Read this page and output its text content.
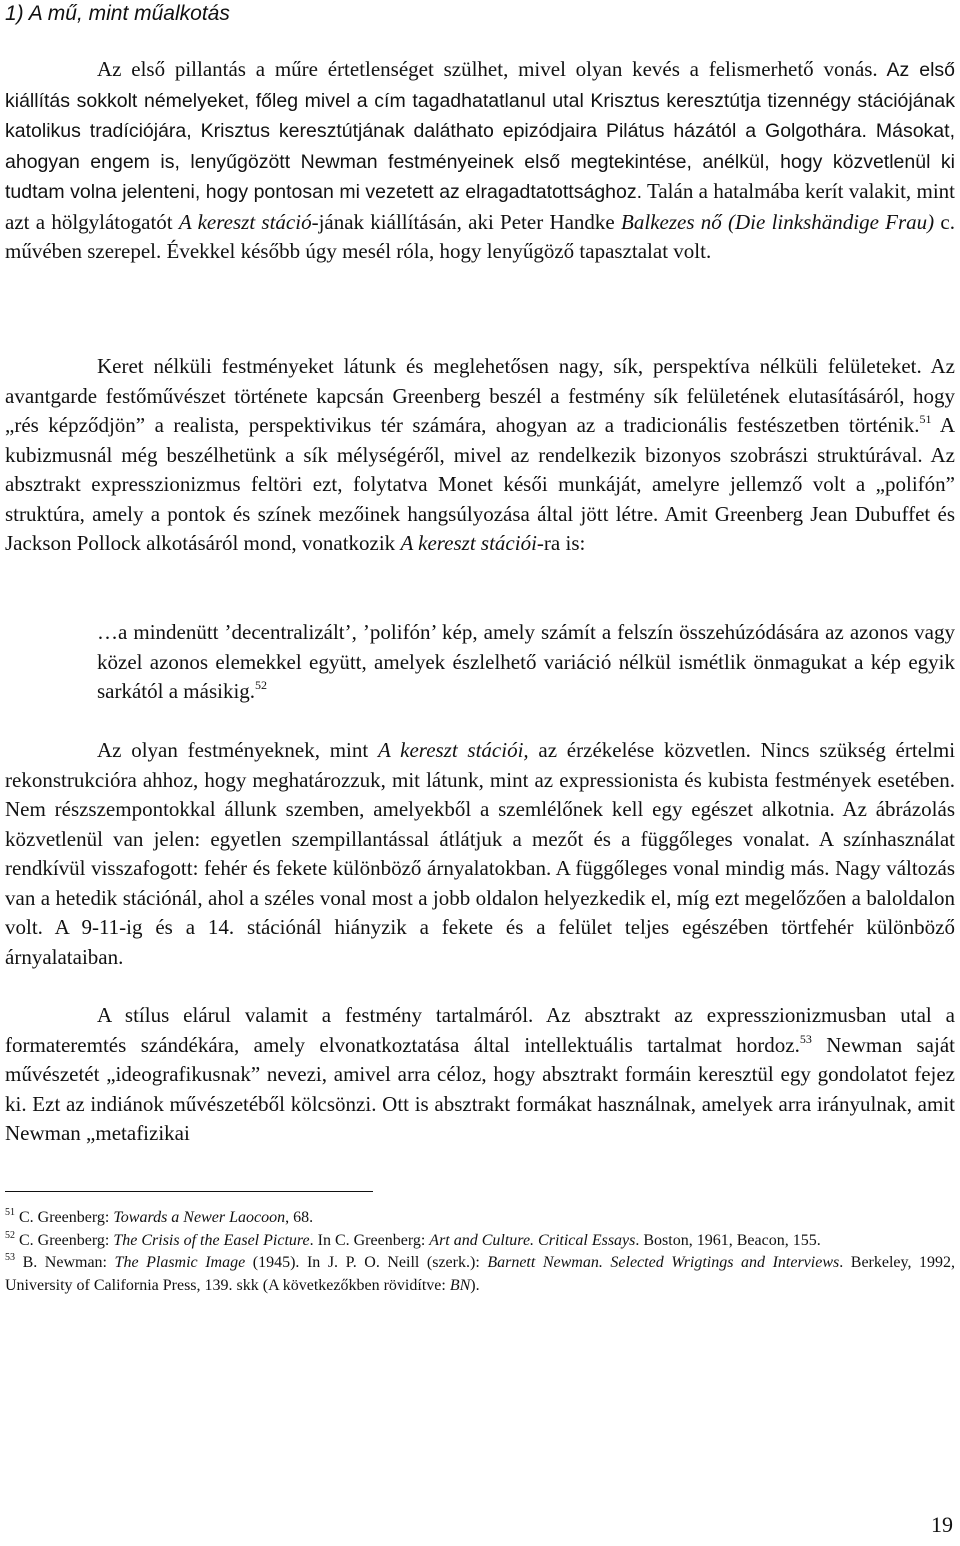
1) A mű, mint műalkotás

Az első pillantás a műre értetlenséget szülhet, mivel olyan kevés a felismerhető vonás. Az első kiállítás sokkolt némelyeket, főleg mivel a cím tagadhatatlanul utal Krisztus keresztútja tizennégy stációjának katolikus tradíciójára, Krisztus keresztútjának daláthato epizódjaira Pilátus házától a Golgothára. Másokat, ahogyan engem is, lenyűgözött Newman festményeinek első megtekintése, anélkül, hogy közvetlenül ki tudtam volna jelenteni, hogy pontosan mi vezetett az elragadtatottsághoz. Talán a hatalmába kerít valakit, mint azt a hölgylátogatót A kereszt stáció-jának kiállításán, aki Peter Handke Balkezes nő (Die linkshändige Frau) c. művében szerepel. Évekkel később úgy mesél róla, hogy lenyűgöző tapasztalat volt.

Keret nélküli festményeket látunk és meglehetősen nagy, sík, perspektíva nélküli felületeket. Az avantgarde festőművészet története kapcsán Greenberg beszél a festmény sík felületének elutasításáról, hogy „rés képződjön” a realista, perspektivikus tér számára, ahogyan az a tradicionális festészetben történik.$^{51}$ A kubizmusnál még beszélhetünk a sík mélységéről, mivel az rendelkezik bizonyos szobrászi struktúrával. Az absztrakt expresszionizmus feltöri ezt, folytatva Monet késői munkáját, amelyre jellemző volt a „polifón” struktúra, amely a pontok és színek mezőinek hangsúlyozása által jött létre. Amit Greenberg Jean Dubuffet és Jackson Pollock alkotásáról mond, vonatkozik A kereszt stációi-ra is:

…a mindenütt ’decentralizált’, ’polifón’ kép, amely számít a felszín összehúzódására az azonos vagy közel azonos elemekkel együtt, amelyek észlelhető variáció nélkül ismétlik önmagukat a kép egyik sarkától a másikig.$^{52}$

Az olyan festményeknek, mint A kereszt stációi, az érzékelése közvetlen. Nincs szükség értelmi rekonstrukcióra ahhoz, hogy meghatározzuk, mit látunk, mint az expressionista és kubista festmények esetében. Nem részszempontokkal állunk szemben, amelyekből a szemlélőnek kell egy egészet alkotnia. Az ábrázolás közvetlenül van jelen: egyetlen szempillantással átlátjuk a mezőt és a függőleges vonalat. A színhasználat rendkívül visszafogott: fehér és fekete különböző árnyalatokban. A függőleges vonal mindig más. Nagy változás van a hetedik stációnál, ahol a széles vonal most a jobb oldalon helyezkedik el, míg ezt megelőzően a baloldalon volt. A 9-11-ig és a 14. stációnál hiányzik a fekete és a felület teljes egészében törtfehér különböző árnyalataiban.

A stílus elárul valamit a festmény tartalmáról. Az absztrakt az expresszionizmusban utal a formateremtés szándékára, amely elvonatkoztatása által intellektuális tartalmat hordoz.$^{53}$ Newman saját művészetét „ideografikusnak” nevezi, amivel arra céloz, hogy absztrakt formáin keresztül egy gondolatot fejez ki. Ezt az indiánok művészetéből kölcsönzi. Ott is absztrakt formákat használnak, amelyek arra irányulnak, amit Newman „metafizikai

$^{51}$ C. Greenberg: Towards a Newer Laocoon, 68.

$^{52}$ C. Greenberg: The Crisis of the Easel Picture. In C. Greenberg: Art and Culture. Critical Essays. Boston, 1961, Beacon, 155.

$^{53}$ B. Newman: The Plasmic Image (1945). In J. P. O. Neill (szerk.): Barnett Newman. Selected Wrigtings and Interviews. Berkeley, 1992, University of California Press, 139. skk (A következőkben rövidítve: BN).

19
